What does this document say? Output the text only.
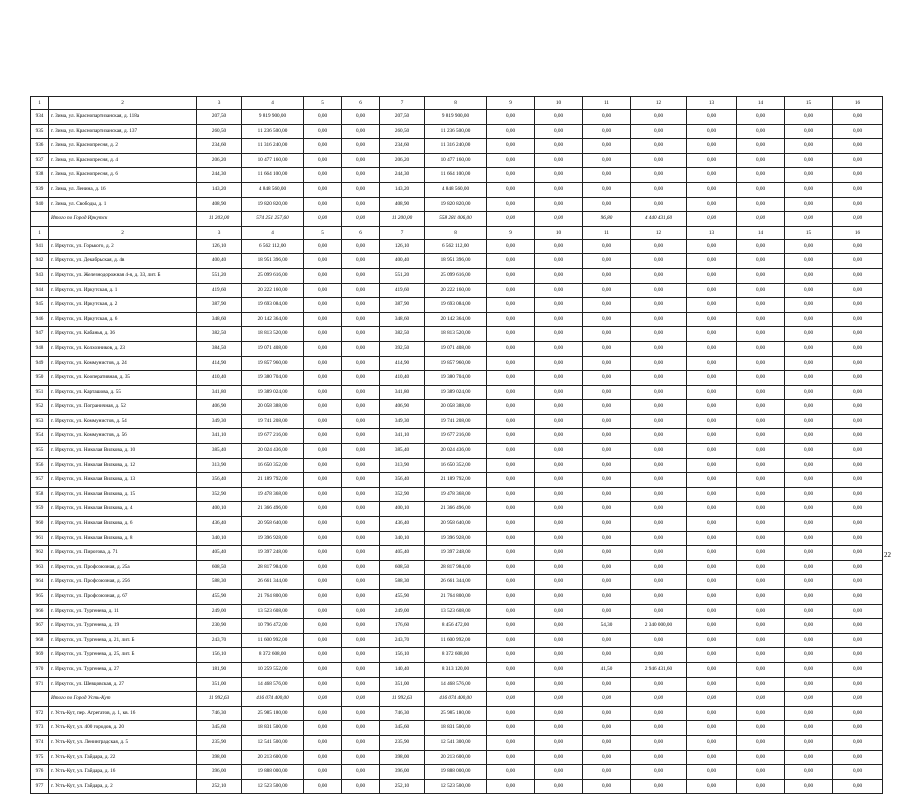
1	2	3	4	5	6	7	8	9	10	11	12	13	14	15	16
934	г. Зима, ул. Краснопартизанская, д. 118а	207,50	9 819 900,00	0,00	0,00	207,50	9 819 900,00	0,00	0,00	0,00	0,00	0,00	0,00	0,00	0,00
935	г. Зима, ул. Краснопартизанская, д. 137	260,50	11 236 500,00	0,00	0,00	260,50	11 236 500,00	0,00	0,00	0,00	0,00	0,00	0,00	0,00	0,00
936	г. Зима, ул. Краснопресня, д. 2	234,60	11 316 240,00	0,00	0,00	234,60	11 316 240,00	0,00	0,00	0,00	0,00	0,00	0,00	0,00	0,00
937	г. Зима, ул. Краснопресня, д. 4	206,20	10 477 160,00	0,00	0,00	206,20	10 477 160,00	0,00	0,00	0,00	0,00	0,00	0,00	0,00	0,00
938	г. Зима, ул. Краснопресня, д. 6	244,30	11 664 100,00	0,00	0,00	244,30	11 664 100,00	0,00	0,00	0,00	0,00	0,00	0,00	0,00	0,00
939	г. Зима, ул. Ленина, д. 16	143,20	4 848 560,00	0,00	0,00	143,20	4 848 560,00	0,00	0,00	0,00	0,00	0,00	0,00	0,00	0,00
940	г. Зима, ул. Свободы, д. 1	408,90	19 820 820,00	0,00	0,00	408,90	19 820 820,00	0,00	0,00	0,00	0,00	0,00	0,00	0,00	0,00
	Итого по Город Иркутск	11 203,00	574 251 257,60	0,00	0,00	11 200,00	558 281 006,00	0,00	0,00	96,80	4 440 431,60	0,00	0,00	0,00	0,00
1	2	3	4	5	6	7	8	9	10	11	12	13	14	15	16
941	г. Иркутск, ул. Горького, д. 2	126,10	6 562 112,00	0,00	0,00	126,10	6 562 112,00	0,00	0,00	0,00	0,00	0,00	0,00	0,00	0,00
942	г. Иркутск, ул. Декабрьская, д. 4в	400,40	18 951 396,00	0,00	0,00	400,40	18 951 396,00	0,00	0,00	0,00	0,00	0,00	0,00	0,00	0,00
943	г. Иркутск, ул. Железнодорожная 4-я, д. 33, лит. Б	551,20	25 099 616,00	0,00	0,00	551,20	25 099 616,00	0,00	0,00	0,00	0,00	0,00	0,00	0,00	0,00
944	г. Иркутск, ул. Иркутская, д. 1	419,60	20 222 160,00	0,00	0,00	419,60	20 222 160,00	0,00	0,00	0,00	0,00	0,00	0,00	0,00	0,00
945	г. Иркутск, ул. Иркутская, д. 2	387,90	19 693 084,00	0,00	0,00	387,90	19 693 084,00	0,00	0,00	0,00	0,00	0,00	0,00	0,00	0,00
946	г. Иркутск, ул. Иркутская, д. 6	348,60	20 142 364,00	0,00	0,00	348,60	20 142 364,00	0,00	0,00	0,00	0,00	0,00	0,00	0,00	0,00
947	г. Иркутск, ул. Кабанья, д. 36	382,50	18 813 520,00	0,00	0,00	382,50	18 813 520,00	0,00	0,00	0,00	0,00	0,00	0,00	0,00	0,00
948	г. Иркутск, ул. Колхозников, д. 23	384,50	19 071 408,00	0,00	0,00	392,50	19 071 408,00	0,00	0,00	0,00	0,00	0,00	0,00	0,00	0,00
949	г. Иркутск, ул. Коммунистов, д. 24	414,90	19 857 960,00	0,00	0,00	414,90	19 857 960,00	0,00	0,00	0,00	0,00	0,00	0,00	0,00	0,00
950	г. Иркутск, ул. Кооперативная, д. 35	410,40	19 380 704,00	0,00	0,00	410,40	19 380 704,00	0,00	0,00	0,00	0,00	0,00	0,00	0,00	0,00
951	г. Иркутск, ул. Карташова, д. 55	341,80	19 389 024,00	0,00	0,00	341,80	19 389 024,00	0,00	0,00	0,00	0,00	0,00	0,00	0,00	0,00
952	г. Иркутск, ул. Пограничная, д. 52	406,90	20 058 388,00	0,00	0,00	406,90	20 058 388,00	0,00	0,00	0,00	0,00	0,00	0,00	0,00	0,00
953	г. Иркутск, ул. Коммунистов, д. 54	349,30	19 741 208,00	0,00	0,00	349,30	19 741 208,00	0,00	0,00	0,00	0,00	0,00	0,00	0,00	0,00
954	г. Иркутск, ул. Коммунистов, д. 56	341,10	19 677 216,00	0,00	0,00	341,10	19 677 216,00	0,00	0,00	0,00	0,00	0,00	0,00	0,00	0,00
955	г. Иркутск, ул. Николая Вилкова, д. 10	385,40	20 024 436,00	0,00	0,00	385,40	20 024 436,00	0,00	0,00	0,00	0,00	0,00	0,00	0,00	0,00
956	г. Иркутск, ул. Николая Вилкова, д. 12	313,90	16 650 352,00	0,00	0,00	313,90	16 650 352,00	0,00	0,00	0,00	0,00	0,00	0,00	0,00	0,00
957	г. Иркутск, ул. Николая Вилкова, д. 13	356,40	21 189 792,00	0,00	0,00	356,40	21 189 792,00	0,00	0,00	0,00	0,00	0,00	0,00	0,00	0,00
958	г. Иркутск, ул. Николая Вилкова, д. 15	352,90	19 478 368,00	0,00	0,00	352,90	19 478 368,00	0,00	0,00	0,00	0,00	0,00	0,00	0,00	0,00
959	г. Иркутск, ул. Николая Вилкова, д. 4	400,10	21 366 496,00	0,00	0,00	400,10	21 366 496,00	0,00	0,00	0,00	0,00	0,00	0,00	0,00	0,00
960	г. Иркутск, ул. Николая Вилкова, д. 6	436,40	20 958 640,00	0,00	0,00	436,40	20 958 640,00	0,00	0,00	0,00	0,00	0,00	0,00	0,00	0,00
961	г. Иркутск, ул. Николая Вилкова, д. 8	340,10	19 396 928,00	0,00	0,00	340,10	19 396 928,00	0,00	0,00	0,00	0,00	0,00	0,00	0,00	0,00
962	г. Иркутск, ул. Пирогова, д. 71	405,40	19 397 248,00	0,00	0,00	405,40	19 397 248,00	0,00	0,00	0,00	0,00	0,00	0,00	0,00	0,00
963	г. Иркутск, ул. Профсоюзная, д. 25а	608,50	28 817 984,00	0,00	0,00	608,50	28 817 984,00	0,00	0,00	0,00	0,00	0,00	0,00	0,00	0,00
964	г. Иркутск, ул. Профсоюзная, д. 256	588,30	26 661 344,00	0,00	0,00	588,30	26 661 344,00	0,00	0,00	0,00	0,00	0,00	0,00	0,00	0,00
965	г. Иркутск, ул. Профсоюзная, д. 67	455,90	21 764 800,00	0,00	0,00	455,90	21 764 800,00	0,00	0,00	0,00	0,00	0,00	0,00	0,00	0,00
966	г. Иркутск, ул. Тургенева, д. 11	249,00	13 523 608,00	0,00	0,00	249,00	13 523 608,00	0,00	0,00	0,00	0,00	0,00	0,00	0,00	0,00
967	г. Иркутск, ул. Тургенева, д. 19	230,90	10 796 472,00	0,00	0,00	176,60	8 456 472,00	0,00	0,00	54,30	2 340 000,00	0,00	0,00	0,00	0,00
968	г. Иркутск, ул. Тургенева, д. 21, лит. Б	243,70	11 600 992,00	0,00	0,00	243,70	11 600 992,00	0,00	0,00	0,00	0,00	0,00	0,00	0,00	0,00
969	г. Иркутск, ул. Тургенева, д. 25, лит. Б	156,10	8 372 608,00	0,00	0,00	156,10	8 372 608,00	0,00	0,00	0,00	0,00	0,00	0,00	0,00	0,00
970	г. Иркутск, ул. Тургенева, д. 27	181,90	10 259 552,00	0,00	0,00	140,40	8 313 120,00	0,00	0,00	41,50	2 946 431,60	0,00	0,00	0,00	0,00
971	г. Иркутск, ул. Шевцовская, д. 27	351,00	14 468 576,00	0,00	0,00	351,00	14 468 576,00	0,00	0,00	0,00	0,00	0,00	0,00	0,00	0,00
	Итого по Город Усть-Кут	11 992,63	416 074 400,00	0,00	0,00	11 992,63	416 074 400,00	0,00	0,00	0,00	0,00	0,00	0,00	0,00	0,00
972	г. Усть-Кут, пер. Агрегатов, д. 1, кв. 16	746,30	25 985 180,00	0,00	0,00	746,30	25 985 180,00	0,00	0,00	0,00	0,00	0,00	0,00	0,00	0,00
973	г. Усть-Кут, ул. 400 городов, д. 20	345,60	18 831 500,00	0,00	0,00	345,60	18 831 500,00	0,00	0,00	0,00	0,00	0,00	0,00	0,00	0,00
974	г. Усть-Кут, ул. Ленинградская, д. 5	235,90	12 541 500,00	0,00	0,00	235,90	12 541 300,00	0,00	0,00	0,00	0,00	0,00	0,00	0,00	0,00
975	г. Усть-Кут, ул. Гайдара, д. 22	398,00	20 213 600,00	0,00	0,00	398,00	20 213 600,00	0,00	0,00	0,00	0,00	0,00	0,00	0,00	0,00
976	г. Усть-Кут, ул. Гайдара, д. 16	396,00	19 888 000,00	0,00	0,00	396,00	19 888 000,00	0,00	0,00	0,00	0,00	0,00	0,00	0,00	0,00
977	г. Усть-Кут, ул. Гайдара, д. 2	252,10	12 523 500,00	0,00	0,00	252,10	12 523 500,00	0,00	0,00	0,00	0,00	0,00	0,00	0,00	0,00
22
